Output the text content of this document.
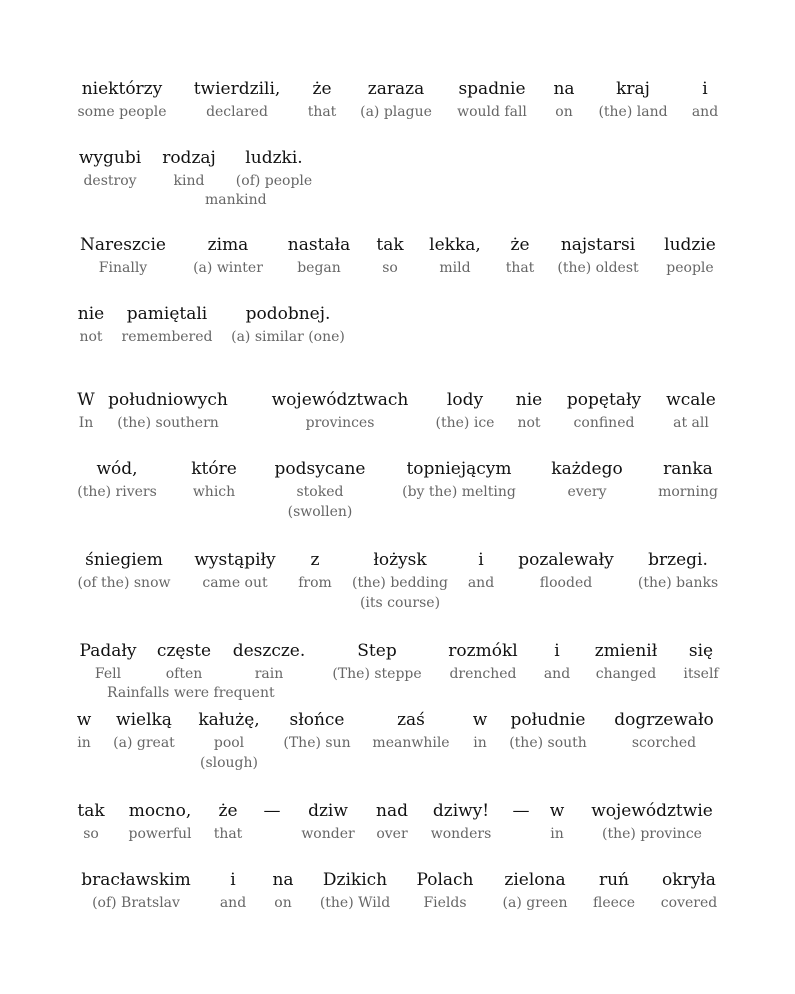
niektórzy
some people
twierdzili,
declared
że
that
zaraza
(a) plague
spadnie
would fall
na
on
kraj
(the) land
i
and
wygubi
destroy
rodzaj
kind
ludzki.
(of) people
mankind
Nareszcie
Finally
zima
(a) winter
nastała
began
tak
so
lekka,
mild
że
that
najstarsi
(the) oldest
ludzie
people
nie
not
pamiętali
remembered
podobnej.
(a) similar (one)
W
In
południowych
(the) southern
województwach
provinces
lody
(the) ice
nie
not
popętały
confined
wcale
at all
wód,
(the) rivers
które
which
podsycane
stoked
(swollen)
topniejącym
(by the) melting
każdego
every
ranka
morning
śniegiem
(of the) snow
wystąpiły
came out
z
from
łożysk
(the) bedding
(its course)
i
and
pozalewały
flooded
brzegi.
(the) banks
Padały
Fell
częste
often
deszcze.
rain
Step
(The) steppe
rozmókl
drenched
i
and
zmienił
changed
się
itself
Rainfalls were frequent
w
in
wielką
(a) great
kałużę,
pool
(slough)
słońce
(The) sun
zaś
meanwhile
w
in
południe
(the) south
dogrzewało
scorched
tak
so
mocno,
powerful
że
that
—
dziw
wonder
nad
over
dziwy!
wonders
—
w
in
województwie
(the) province
bracławskim
(of) Bratslav
i
and
na
on
Dzikich
(the) Wild
Polach
Fields
zielona
(a) green
ruń
fleece
okryła
covered
